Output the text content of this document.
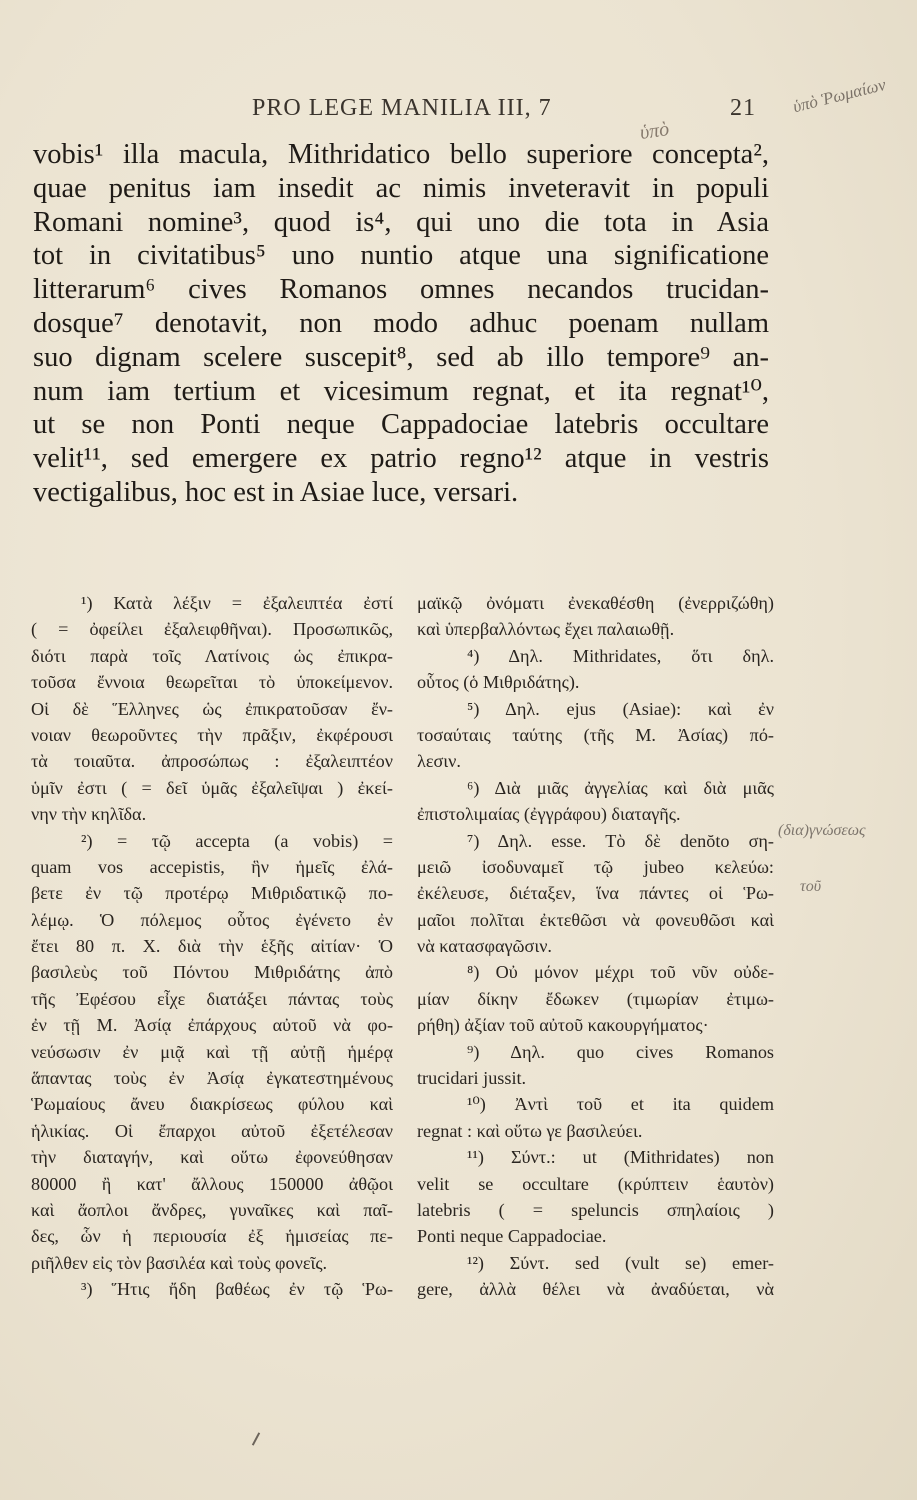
PRO LEGE MANILIA III, 7	21 ὑπὸ Ῥωμαίων
ὑπὸ
vobis¹ illa macula, Mithridatico bello superiore concepta²,
quae penitus iam insedit ac nimis inveteravit in populi
Romani nomine³, quod is⁴, qui uno die tota in Asia
tot in civitatibus⁵ uno nuntio atque una significatione
litterarum⁶ cives Romanos omnes necandos trucidan-
dosque⁷ denotavit, non modo adhuc poenam nullam
suo dignam scelere suscepit⁸, sed ab illo tempore⁹ an-
num iam tertium et vicesimum regnat, et ita regnat¹⁰,
ut se non Ponti neque Cappadociae latebris occultare
velit¹¹, sed emergere ex patrio regno¹² atque in vestris
vectigalibus, hoc est in Asiae luce, versari.
¹) Κατὰ λέξιν = ἐξαλειπτέα ἐστί
( = ὀφείλει ἐξαλειφθῆναι). Προσωπικῶς,
διότι παρὰ τοῖς Λατίνοις ὡς ἐπικρα-
τοῦσα ἔννοια θεωρεῖται τὸ ὑποκείμενον.
Οἱ δὲ Ἕλληνες ὡς ἐπικρατοῦσαν ἔν-
νοιαν θεωροῦντες τὴν πρᾶξιν, ἐκφέρουσι
τὰ τοιαῦτα. ἀπροσώπως : ἐξαλειπτέον
ὑμῖν ἐστι ( = δεῖ ὑμᾶς ἐξαλεῖψαι ) ἐκεί-
νην τὴν κηλῖδα.
²) = τῷ accepta (a vobis) =
quam vos accepistis, ἣν ἡμεῖς ἐλά-
βετε ἐν τῷ προτέρῳ Μιθριδατικῷ πο-
λέμῳ. Ὁ πόλεμος οὗτος ἐγένετο ἐν
ἔτει 80 π. Χ. διὰ τὴν ἑξῆς αἰτίαν· Ὁ
βασιλεὺς τοῦ Πόντου Μιθριδάτης ἀπὸ
τῆς Ἐφέσου εἶχε διατάξει πάντας τοὺς
ἐν τῇ Μ. Ἀσίᾳ ἐπάρχους αὐτοῦ νὰ φο-
νεύσωσιν ἐν μιᾷ καὶ τῇ αὐτῇ ἡμέρᾳ
ἅπαντας τοὺς ἐν Ἀσίᾳ ἐγκατεστημένους
Ῥωμαίους ἄνευ διακρίσεως φύλου καὶ
ἡλικίας. Οἱ ἔπαρχοι αὐτοῦ ἐξετέλεσαν
τὴν διαταγήν, καὶ οὕτω ἐφονεύθησαν
80000 ἢ κατ' ἄλλους 150000 ἀθῷοι
καὶ ἄοπλοι ἄνδρες, γυναῖκες καὶ παῖ-
δες, ὧν ἡ περιουσία ἐξ ἡμισείας πε-
ριῆλθεν εἰς τὸν βασιλέα καὶ τοὺς φονεῖς.
³) Ἥτις ἤδη βαθέως ἐν τῷ Ῥω-
μαϊκῷ ὀνόματι ἐνεκαθέσθη (ἐνερριζώθη)
καὶ ὑπερβαλλόντως ἔχει παλαιωθῇ.
⁴) Δηλ. Mithridates, ὅτι δηλ.
οὗτος (ὁ Μιθριδάτης).
⁵) Δηλ. ejus (Asiae): καὶ ἐν
τοσαύταις ταύτης (τῆς Μ. Ἀσίας) πό-
λεσιν.
⁶) Διὰ μιᾶς ἀγγελίας καὶ διὰ μιᾶς
ἐπιστολιμαίας (ἐγγράφου) διαταγῆς.
⁷) Δηλ. esse. Τὸ δὲ denŏto ση-
μειῶ ἰσοδυναμεῖ τῷ jubeo κελεύω:
ἐκέλευσε, διέταξεν, ἵνα πάντες οἱ Ῥω-
μαῖοι πολῖται ἐκτεθῶσι νὰ φονευθῶσι καὶ
νὰ κατασφαγῶσιν.
⁸) Οὐ μόνον μέχρι τοῦ νῦν οὐδε-
μίαν δίκην ἔδωκεν (τιμωρίαν ἐτιμω-
ρήθη) ἀξίαν τοῦ αὐτοῦ κακουργήματος·
⁹) Δηλ. quo cives Romanos
trucidari jussit.
¹⁰) Ἀντὶ τοῦ et ita quidem
regnat : καὶ οὕτω γε βασιλεύει.
¹¹) Σύντ.: ut (Mithridates) non
velit se occultare (κρύπτειν ἑαυτὸν)
latebris ( = speluncis σπηλαίοις )
Ponti neque Cappadociae.
¹²) Σύντ. sed (vult se) emer-
gere, ἀλλὰ θέλει νὰ ἀναδύεται, νὰ
(δια)γνώσεως
τοῦ
